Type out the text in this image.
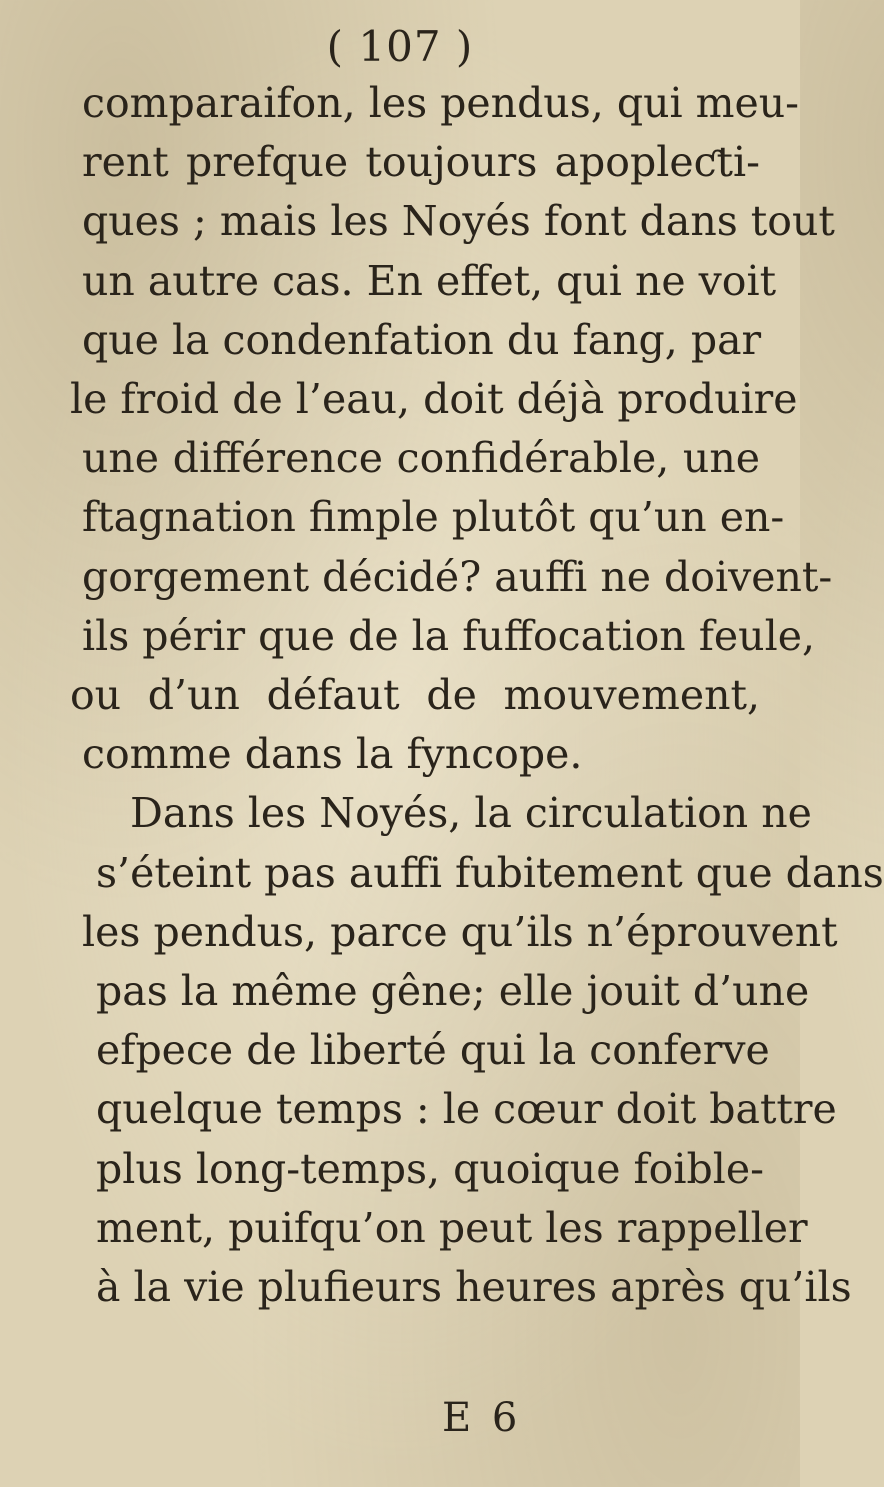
( 107 )
comparaifon, les pendus, qui meu-
rent prefque toujours apopleƈti-
ques ; mais les Noyés font dans tout
un autre cas. En effet, qui ne voit
que la condenfation du fang, par
le froid de l’eau, doit déjà produire
une différence confidérable, une
ftagnation fimple plutôt qu’un en-
gorgement décidé? auffi ne doivent-
ils périr que de la fuffocation feule,
ou d’un défaut de mouvement,
comme dans la fyncope.
Dans les Noyés, la circulation ne
s’éteint pas auffi fubitement que dans
les pendus, parce qu’ils n’éprouvent
pas la même gêne; elle jouit d’une
efpece de liberté qui la conferve
quelque temps : le cœur doit battre
plus long-temps, quoique foible-
ment, puifqu’on peut les rappeller
à la vie plufieurs heures après qu’ils
E 6
